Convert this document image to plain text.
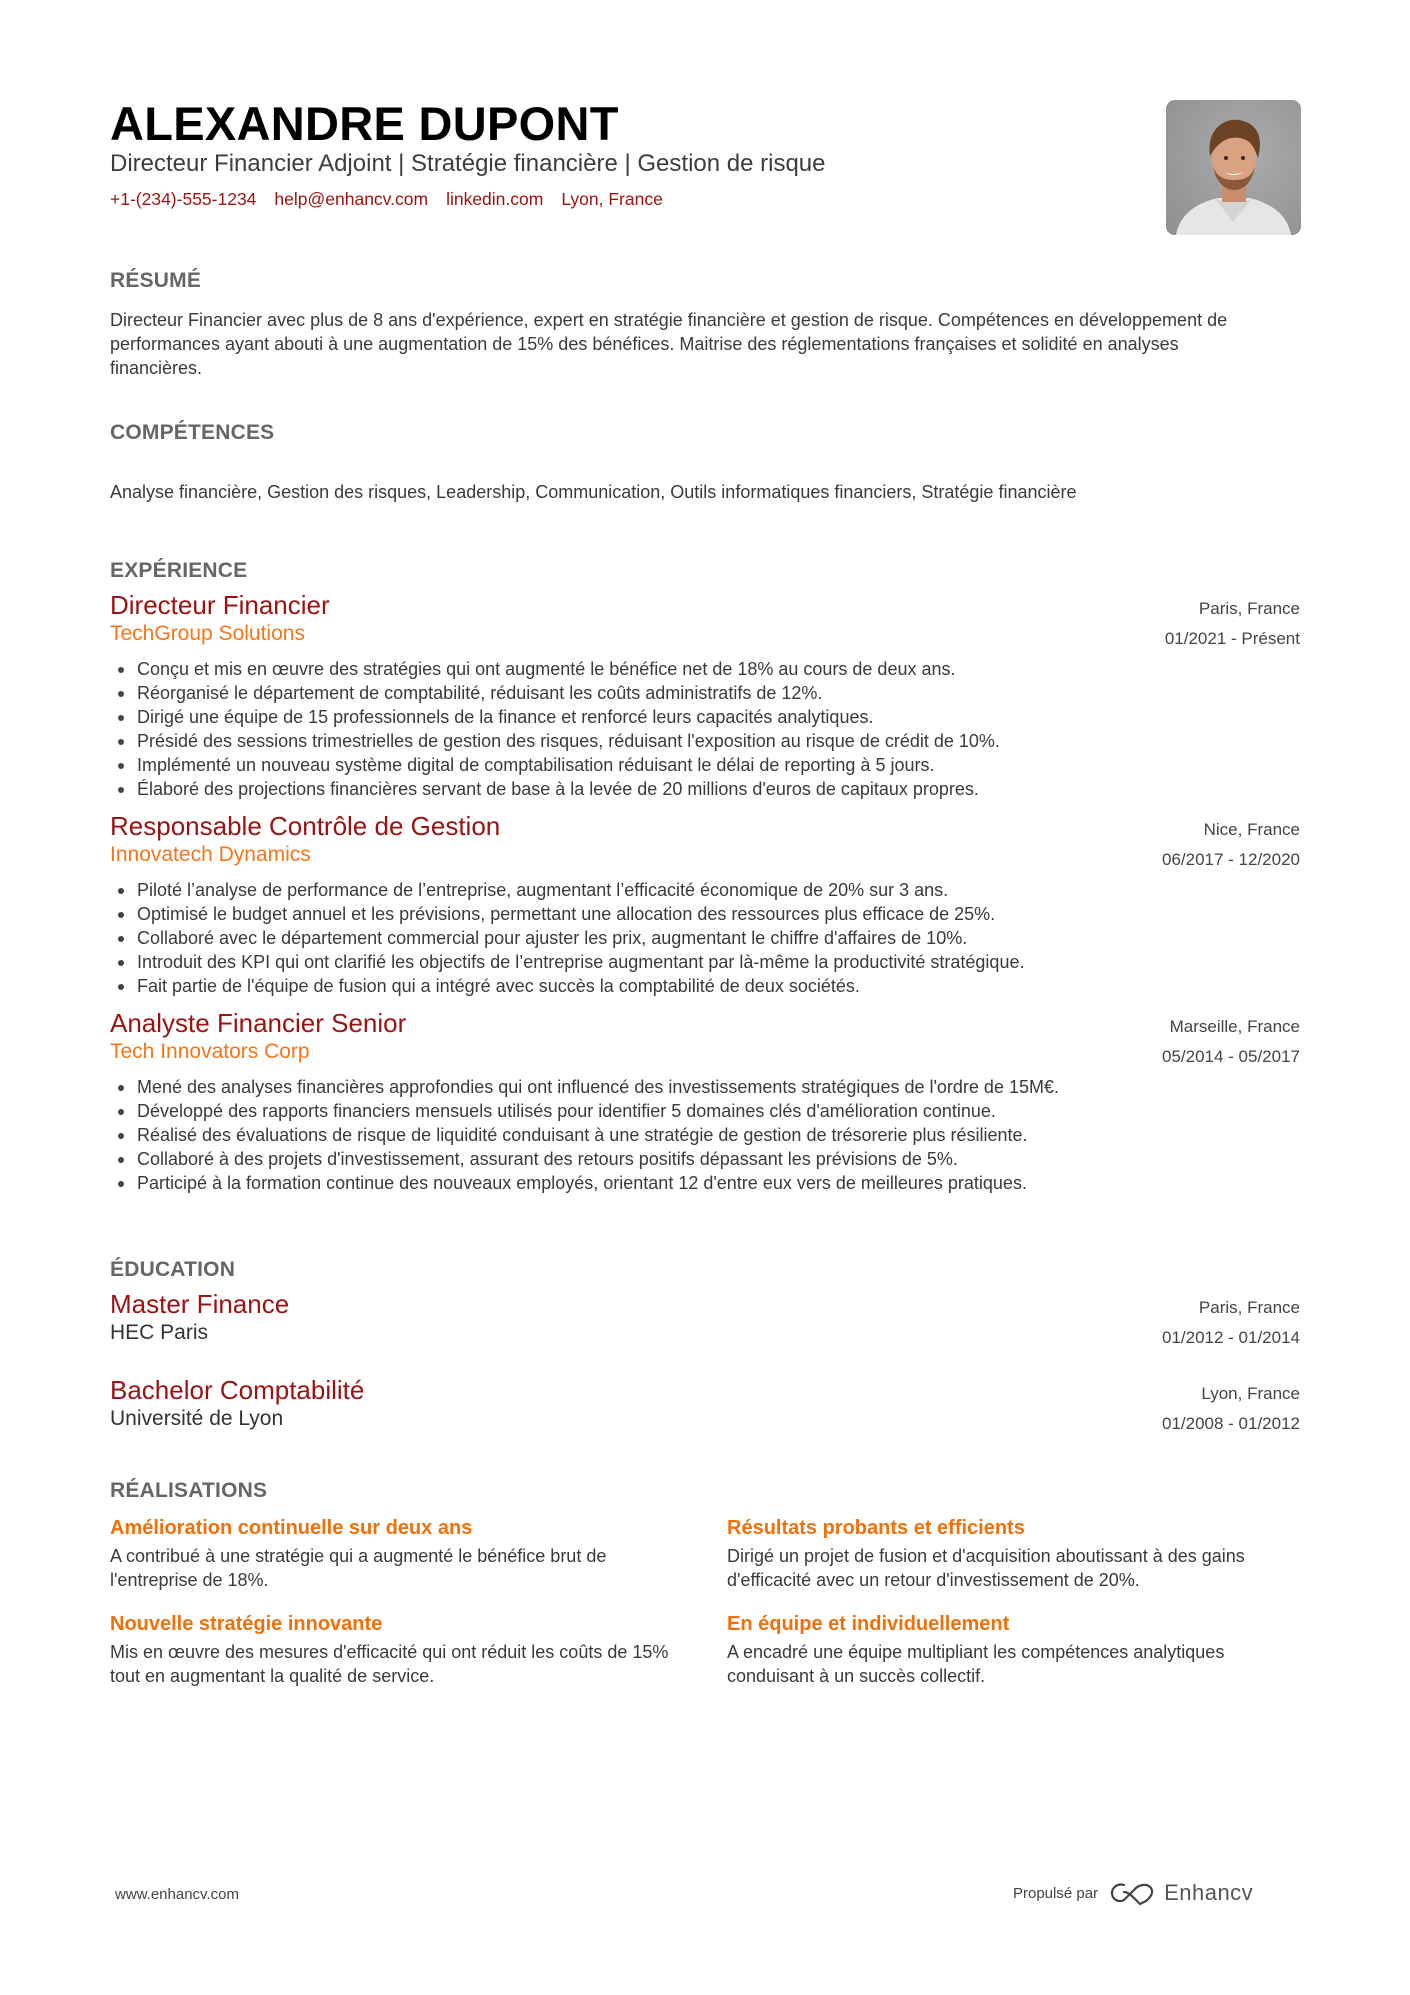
ALEXANDRE DUPONT
Directeur Financier Adjoint | Stratégie financière | Gestion de risque
+1-(234)-555-1234 help@enhancv.com linkedin.com Lyon, France
RÉSUMÉ

Directeur Financier avec plus de 8 ans d'expérience, expert en stratégie financière et gestion de risque. Compétences en développement de performances ayant abouti à une augmentation de 15% des bénéfices. Maitrise des réglementations françaises et solidité en analyses financières.

COMPÉTENCES

Analyse financière, Gestion des risques, Leadership, Communication, Outils informatiques financiers, Stratégie financière

EXPÉRIENCE
Directeur Financier
TechGroup Solutions
Paris, France
01/2021 - Présent
Conçu et mis en œuvre des stratégies qui ont augmenté le bénéfice net de 18% au cours de deux ans.
Réorganisé le département de comptabilité, réduisant les coûts administratifs de 12%.
Dirigé une équipe de 15 professionnels de la finance et renforcé leurs capacités analytiques.
Présidé des sessions trimestrielles de gestion des risques, réduisant l'exposition au risque de crédit de 10%.
Implémenté un nouveau système digital de comptabilisation réduisant le délai de reporting à 5 jours.
Élaboré des projections financières servant de base à la levée de 20 millions d'euros de capitaux propres.
Responsable Contrôle de Gestion
Innovatech Dynamics
Nice, France
06/2017 - 12/2020
Piloté l’analyse de performance de l’entreprise, augmentant l’efficacité économique de 20% sur 3 ans.
Optimisé le budget annuel et les prévisions, permettant une allocation des ressources plus efficace de 25%.
Collaboré avec le département commercial pour ajuster les prix, augmentant le chiffre d'affaires de 10%.
Introduit des KPI qui ont clarifié les objectifs de l’entreprise augmentant par là-même la productivité stratégique.
Fait partie de l'équipe de fusion qui a intégré avec succès la comptabilité de deux sociétés.
Analyste Financier Senior
Tech Innovators Corp
Marseille, France
05/2014 - 05/2017
Mené des analyses financières approfondies qui ont influencé des investissements stratégiques de l'ordre de 15M€.
Développé des rapports financiers mensuels utilisés pour identifier 5 domaines clés d'amélioration continue.
Réalisé des évaluations de risque de liquidité conduisant à une stratégie de gestion de trésorerie plus résiliente.
Collaboré à des projets d'investissement, assurant des retours positifs dépassant les prévisions de 5%.
Participé à la formation continue des nouveaux employés, orientant 12 d'entre eux vers de meilleures pratiques.
ÉDUCATION
Master Finance
HEC Paris
Paris, France
01/2012 - 01/2014
Bachelor Comptabilité
Université de Lyon
Lyon, France
01/2008 - 01/2012
RÉALISATIONS
Amélioration continuelle sur deux ans
A contribué à une stratégie qui a augmenté le bénéfice brut de l'entreprise de 18%.
Résultats probants et efficients
Dirigé un projet de fusion et d'acquisition aboutissant à des gains d'efficacité avec un retour d'investissement de 20%.
Nouvelle stratégie innovante
Mis en œuvre des mesures d'efficacité qui ont réduit les coûts de 15% tout en augmentant la qualité de service.
En équipe et individuellement
A encadré une équipe multipliant les compétences analytiques conduisant à un succès collectif.
www.enhancv.com	Propulsé par	Enhancv
